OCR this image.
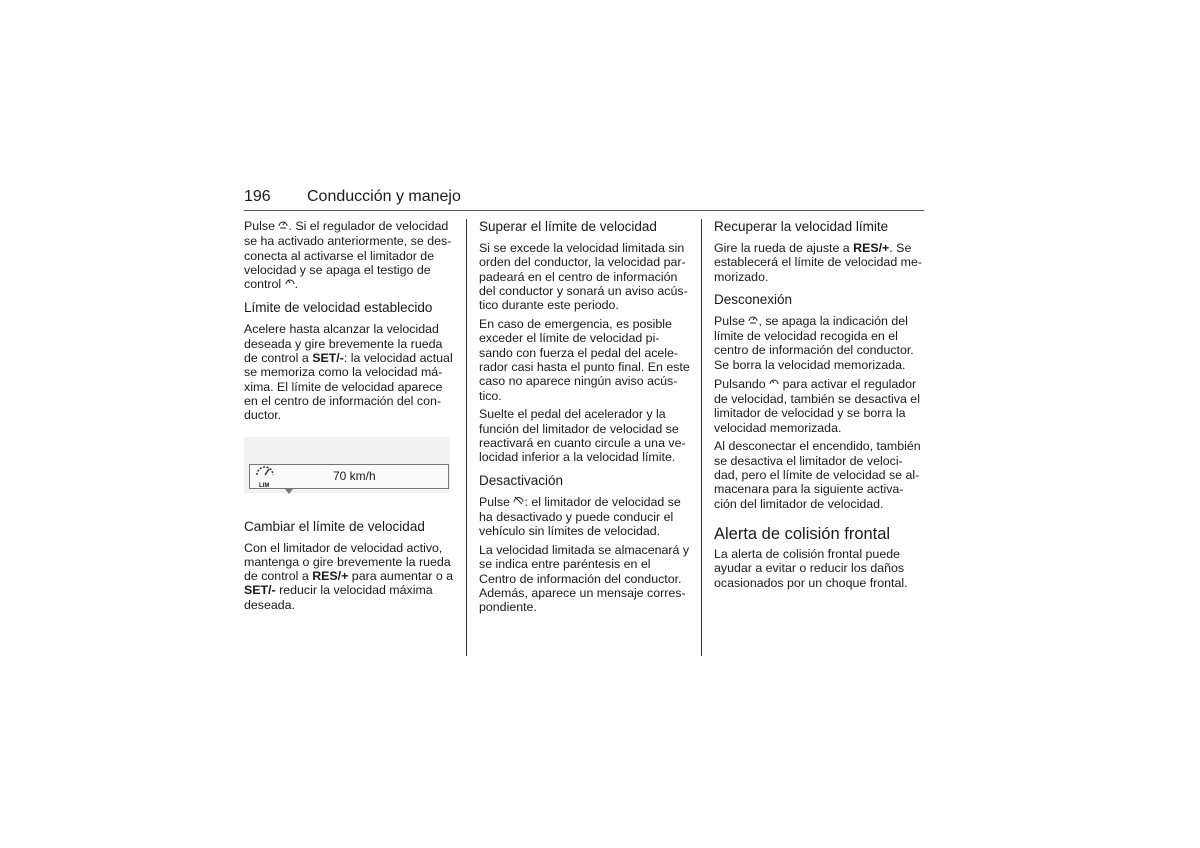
196 Conducción y manejo

Pulse . Si el regulador de velocidad se ha activado anteriormente, se des-conecta al activarse el limitador de velocidad y se apaga el testigo de control .

Límite de velocidad establecido

Acelere hasta alcanzar la velocidad deseada y gire brevemente la rueda de control a SET/-: la velocidad actual se memoriza como la velocidad má-xima. El límite de velocidad aparece en el centro de información del con-ductor.

LIM
70 km/h
Cambiar el límite de velocidad

Con el limitador de velocidad activo, mantenga o gire brevemente la rueda de control a RES/+ para aumentar o a SET/- reducir la velocidad máxima deseada.

Superar el límite de velocidad

Si se excede la velocidad limitada sin orden del conductor, la velocidad par-padeará en el centro de información del conductor y sonará un aviso acús-tico durante este periodo.

En caso de emergencia, es posible exceder el límite de velocidad pi-sando con fuerza el pedal del acele-rador casi hasta el punto final. En este caso no aparece ningún aviso acús-tico.

Suelte el pedal del acelerador y la función del limitador de velocidad se reactivará en cuanto circule a una ve-locidad inferior a la velocidad límite.

Desactivación

Pulse : el limitador de velocidad se ha desactivado y puede conducir el vehículo sin límites de velocidad.

La velocidad limitada se almacenará y se indica entre paréntesis en el Centro de información del conductor. Además, aparece un mensaje corres-pondiente.

Recuperar la velocidad límite

Gire la rueda de ajuste a RES/+. Se establecerá el límite de velocidad me-morizado.

Desconexión

Pulse , se apaga la indicación del límite de velocidad recogida en el centro de información del conductor. Se borra la velocidad memorizada.

Pulsando  para activar el regulador de velocidad, también se desactiva el limitador de velocidad y se borra la velocidad memorizada.

Al desconectar el encendido, también se desactiva el limitador de veloci-dad, pero el límite de velocidad se al-macenara para la siguiente activa-ción del limitador de velocidad.

Alerta de colisión frontal

La alerta de colisión frontal puede ayudar a evitar o reducir los daños ocasionados por un choque frontal.
